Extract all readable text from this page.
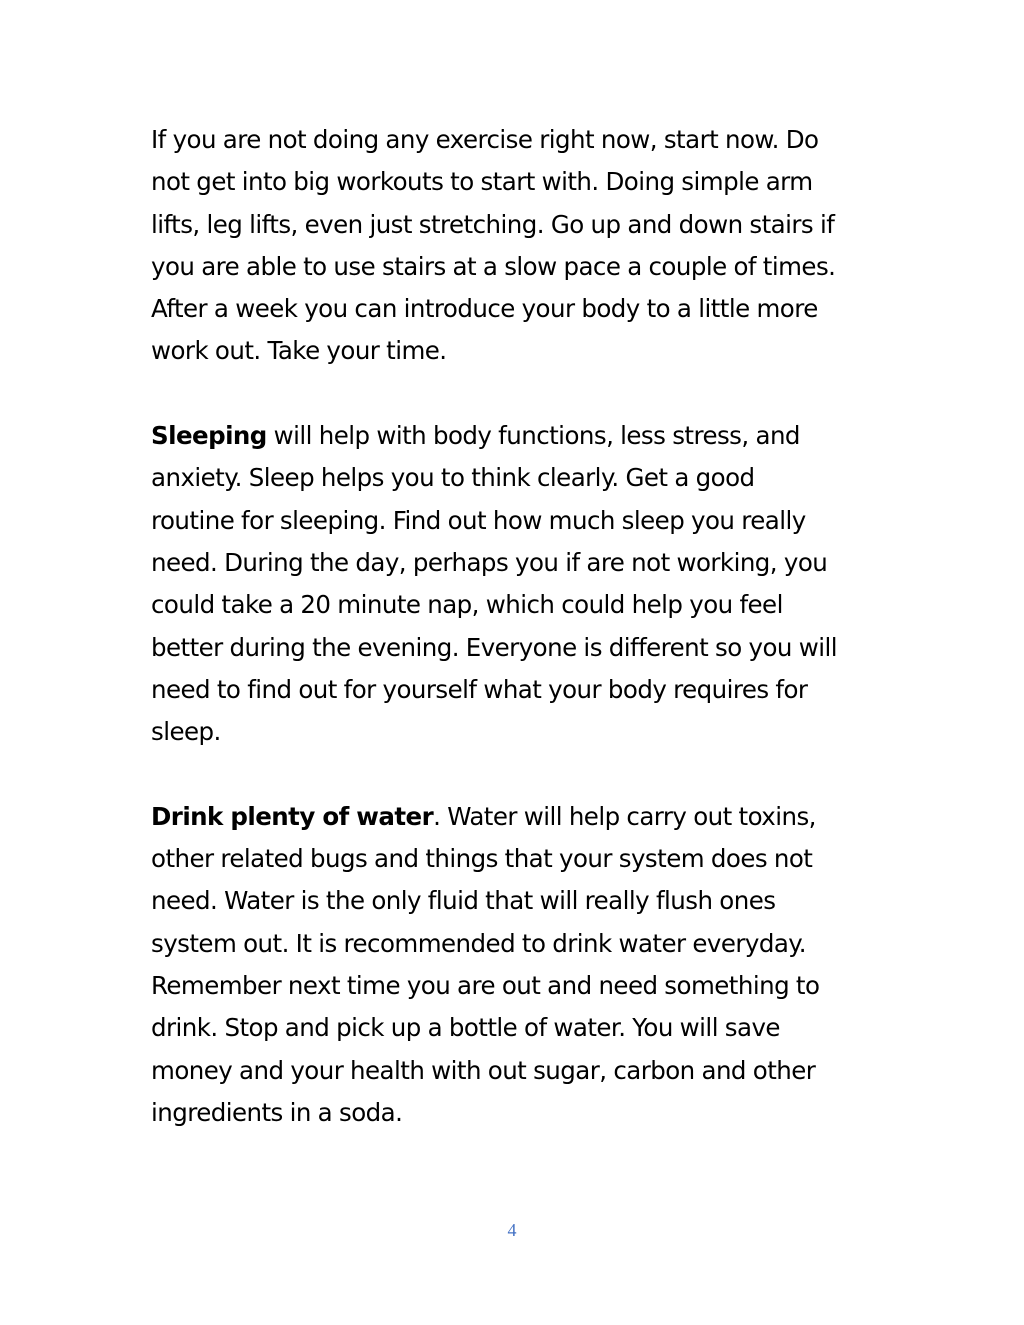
If you are not doing any exercise right now, start now. Do
not get into big workouts to start with. Doing simple arm
lifts, leg lifts, even just stretching. Go up and down stairs if
you are able to use stairs at a slow pace a couple of times.
After a week you can introduce your body to a little more
work out. Take your time.
Sleeping will help with body functions, less stress, and
anxiety. Sleep helps you to think clearly. Get a good
routine for sleeping. Find out how much sleep you really
need. During the day, perhaps you if are not working, you
could take a 20 minute nap, which could help you feel
better during the evening. Everyone is different so you will
need to find out for yourself what your body requires for
sleep.
Drink plenty of water. Water will help carry out toxins,
other related bugs and things that your system does not
need. Water is the only fluid that will really flush ones
system out. It is recommended to drink water everyday.
Remember next time you are out and need something to
drink. Stop and pick up a bottle of water. You will save
money and your health with out sugar, carbon and other
ingredients in a soda.
4
